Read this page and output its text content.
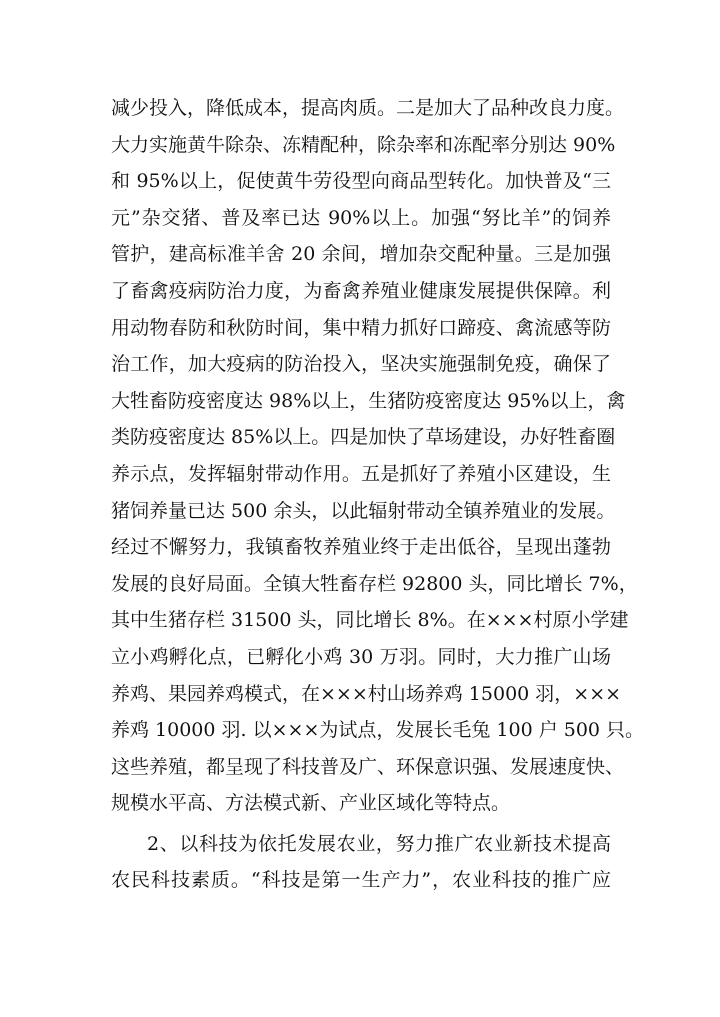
减少投入，降低成本，提高肉质。二是加大了品种改良力度。
大力实施黄牛除杂、冻精配种，除杂率和冻配率分别达 90%
和 95%以上，促使黄牛劳役型向商品型转化。加快普及“三
元”杂交猪、普及率已达 90%以上。加强“努比羊”的饲养
管护，建高标准羊舍 20 余间，增加杂交配种量。三是加强
了畜禽疫病防治力度，为畜禽养殖业健康发展提供保障。利
用动物春防和秋防时间，集中精力抓好口蹄疫、禽流感等防
治工作，加大疫病的防治投入，坚决实施强制免疫，确保了
大牲畜防疫密度达 98%以上，生猪防疫密度达 95%以上，禽
类防疫密度达 85%以上。四是加快了草场建设，办好牲畜圈
养示点，发挥辐射带动作用。五是抓好了养殖小区建设，生
猪饲养量已达 500 余头，以此辐射带动全镇养殖业的发展。
经过不懈努力，我镇畜牧养殖业终于走出低谷，呈现出蓬勃
发展的良好局面。全镇大牲畜存栏 92800 头，同比增长 7%，
其中生猪存栏 31500 头，同比增长 8%。在×××村原小学建
立小鸡孵化点，已孵化小鸡 30 万羽。同时，大力推广山场
养鸡、果园养鸡模式，在×××村山场养鸡 15000 羽，×××
养鸡 10000 羽. 以×××为试点，发展长毛兔 100 户 500 只。
这些养殖，都呈现了科技普及广、环保意识强、发展速度快、
规模水平高、方法模式新、产业区域化等特点。
2、以科技为依托发展农业，努力推广农业新技术提高
农民科技素质。“科技是第一生产力”，农业科技的推广应
